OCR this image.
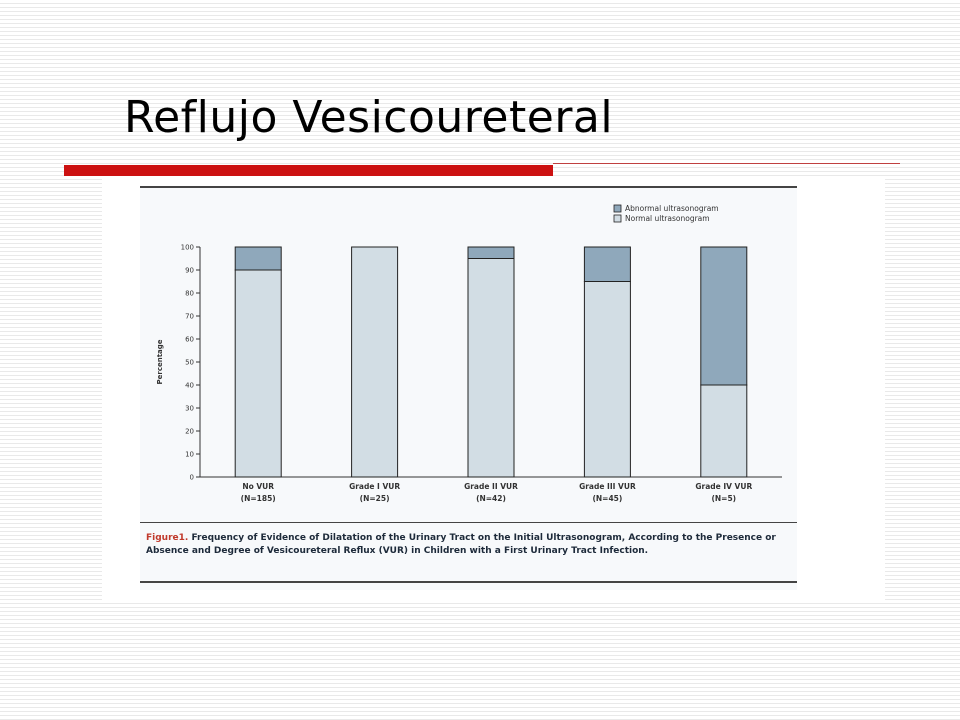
Reflujo Vesicoureteral
0
10
20
30
40
50
60
70
80
90
100
Percentage
No VUR
(N=185)
Grade I VUR
(N=25)
Grade II VUR
(N=42)
Grade III VUR
(N=45)
Grade IV VUR
(N=5)
Abnormal ultrasonogram
Normal ultrasonogram
Figure1. Frequency of Evidence of Dilatation of the Urinary Tract on the Initial Ultrasonogram, According to the Presence or Absence and Degree of Vesicoureteral Reflux (VUR) in Children with a First Urinary Tract Infection.
